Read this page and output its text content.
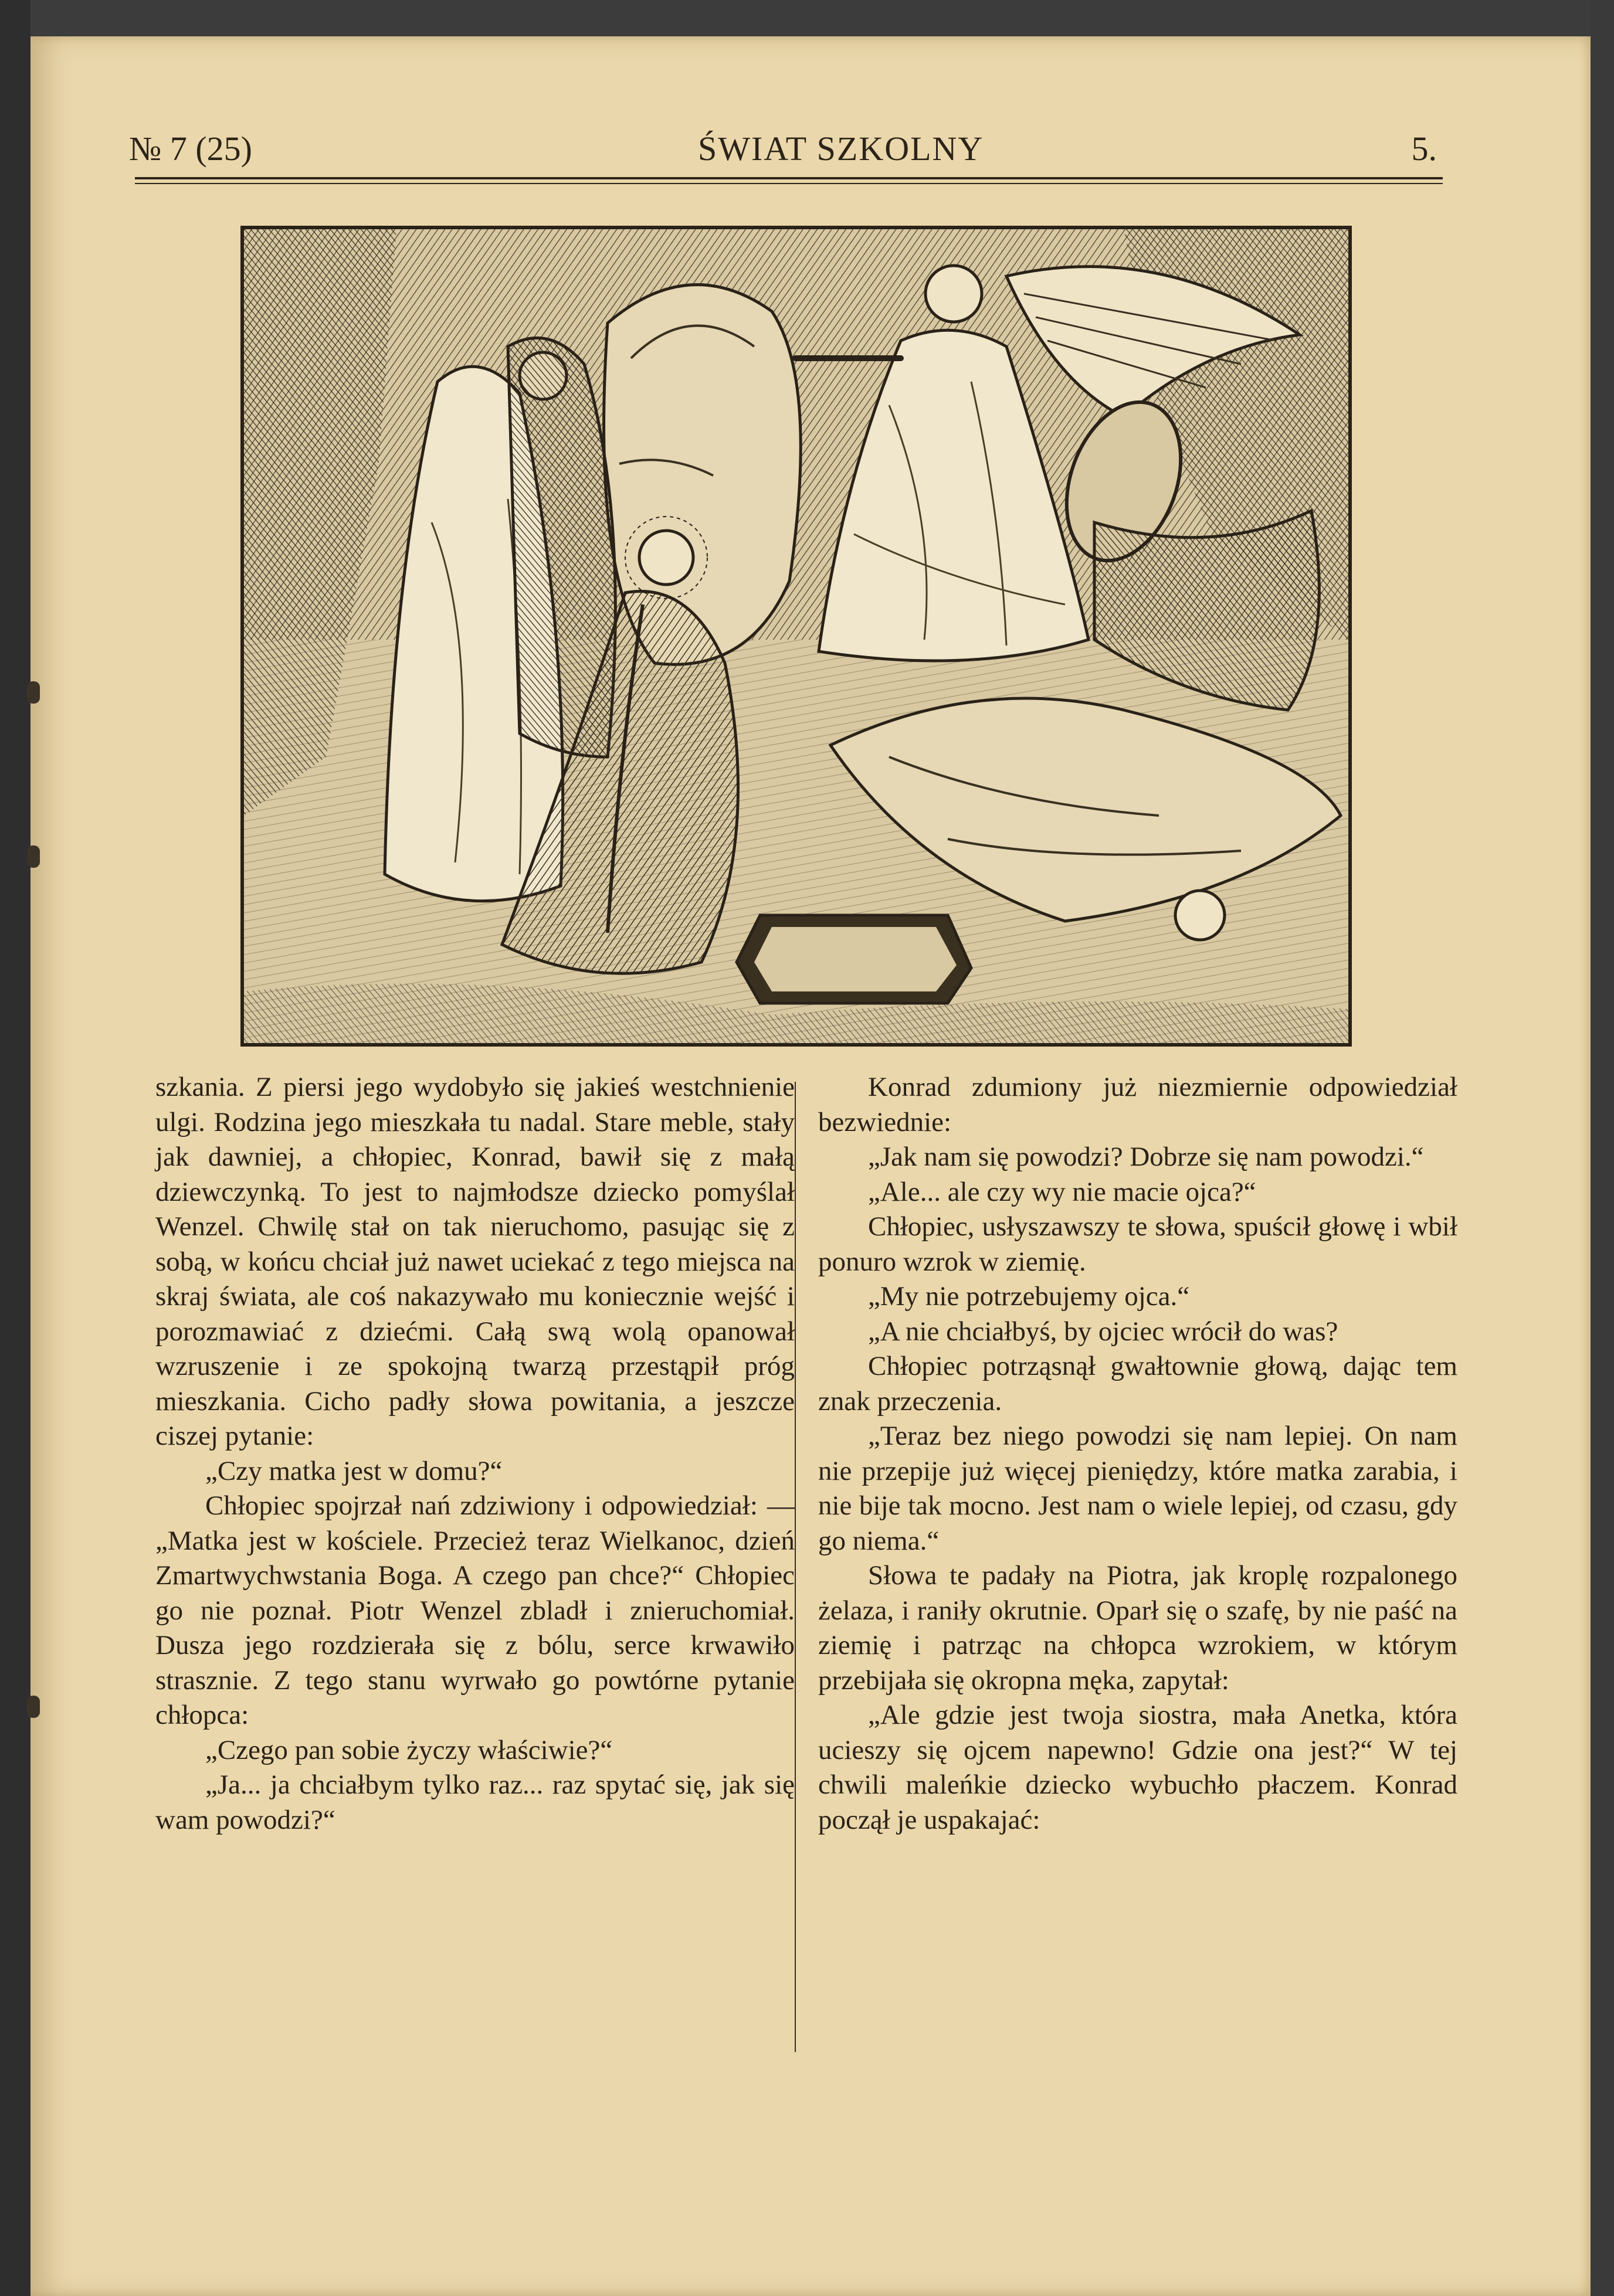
№ 7 (25)	ŚWIAT SZKOLNY	5.

szkania. Z piersi jego wydobyło się jakieś westchnienie ulgi. Rodzina jego mieszkała tu nadal. Stare meble, stały jak dawniej, a chłopiec, Konrad, bawił się z małą dziewczynką. To jest to najmłodsze dziecko pomyślał Wenzel. Chwilę stał on tak nieruchomo, pasując się z sobą, w końcu chciał już nawet uciekać z tego miejsca na skraj świata, ale coś nakazywało mu koniecznie wejść i porozmawiać z dziećmi. Całą swą wolą opanował wzruszenie i ze spokojną twarzą przestąpił próg mieszkania. Cicho padły słowa powitania, a jeszcze ciszej pytanie:

„Czy matka jest w domu?“

Chłopiec spojrzał nań zdziwiony i odpowiedział: — „Matka jest w kościele. Przecież teraz Wielkanoc, dzień Zmartwychwstania Boga. A czego pan chce?“ Chłopiec go nie poznał. Piotr Wenzel zbladł i znieruchomiał. Dusza jego rozdzierała się z bólu, serce krwawiło strasznie. Z tego stanu wyrwało go powtórne pytanie chłopca:

„Czego pan sobie życzy właściwie?“

„Ja... ja chciałbym tylko raz... raz spytać się, jak się wam powodzi?“

Konrad zdumiony już niezmiernie odpowiedział bezwiednie:

„Jak nam się powodzi? Dobrze się nam powodzi.“

„Ale... ale czy wy nie macie ojca?“

Chłopiec, usłyszawszy te słowa, spuścił głowę i wbił ponuro wzrok w ziemię.

„My nie potrzebujemy ojca.“

„A nie chciałbyś, by ojciec wrócił do was?

Chłopiec potrząsnął gwałtownie głową, dając tem znak przeczenia.

„Teraz bez niego powodzi się nam lepiej. On nam nie przepije już więcej pieniędzy, które matka zarabia, i nie bije tak mocno. Jest nam o wiele lepiej, od czasu, gdy go niema.“

Słowa te padały na Piotra, jak kroplę rozpalonego żelaza, i raniły okrutnie. Oparł się o szafę, by nie paść na ziemię i patrząc na chłopca wzrokiem, w którym przebijała się okropna męka, zapytał:

„Ale gdzie jest twoja siostra, mała Anetka, która ucieszy się ojcem napewno! Gdzie ona jest?“ W tej chwili maleńkie dziecko wybuchło płaczem. Konrad począł je uspakajać:
